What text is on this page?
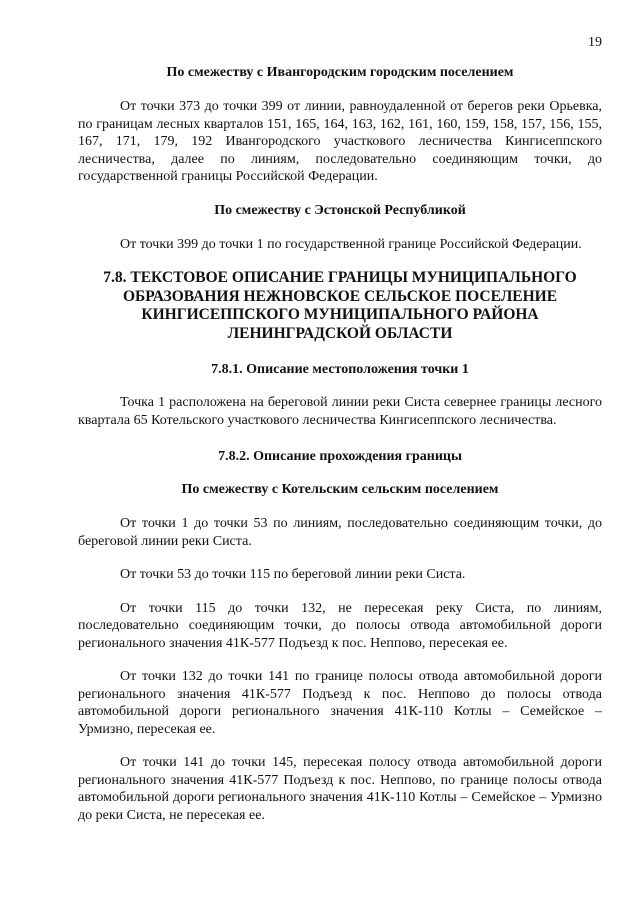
19

По смежеству с Ивангородским городским поселением

От точки 373 до точки 399 от линии, равноудаленной от берегов реки Орьевка, по границам лесных кварталов 151, 165, 164, 163, 162, 161, 160, 159, 158, 157, 156, 155, 167, 171, 179, 192 Ивангородского участкового лесничества Кингисеппского лесничества, далее по линиям, последовательно соединяющим точки, до государственной границы Российской Федерации.

По смежеству с Эстонской Республикой

От точки 399 до точки 1 по государственной границе Российской Федерации.

7.8. ТЕКСТОВОЕ ОПИСАНИЕ ГРАНИЦЫ МУНИЦИПАЛЬНОГО
ОБРАЗОВАНИЯ НЕЖНОВСКОЕ СЕЛЬСКОЕ ПОСЕЛЕНИЕ
КИНГИСЕППСКОГО МУНИЦИПАЛЬНОГО РАЙОНА
ЛЕНИНГРАДСКОЙ ОБЛАСТИ

7.8.1. Описание местоположения точки 1

Точка 1 расположена на береговой линии реки Систа севернее границы лесного квартала 65 Котельского участкового лесничества Кингисеппского лесничества.

7.8.2. Описание прохождения границы

По смежеству с Котельским сельским поселением

От точки 1 до точки 53 по линиям, последовательно соединяющим точки, до береговой линии реки Систа.

От точки 53 до точки 115 по береговой линии реки Систа.

От точки 115 до точки 132, не пересекая реку Систа, по линиям, последовательно соединяющим точки, до полосы отвода автомобильной дороги регионального значения 41К-577 Подъезд к пос. Неппово, пересекая ее.

От точки 132 до точки 141 по границе полосы отвода автомобильной дороги регионального значения 41К-577 Подъезд к пос. Неппово до полосы отвода автомобильной дороги регионального значения 41К-110 Котлы – Семейское – Урмизно, пересекая ее.

От точки 141 до точки 145, пересекая полосу отвода автомобильной дороги регионального значения 41К-577 Подъезд к пос. Неппово, по границе полосы отвода автомобильной дороги регионального значения 41К-110 Котлы – Семейское – Урмизно до реки Систа, не пересекая ее.
